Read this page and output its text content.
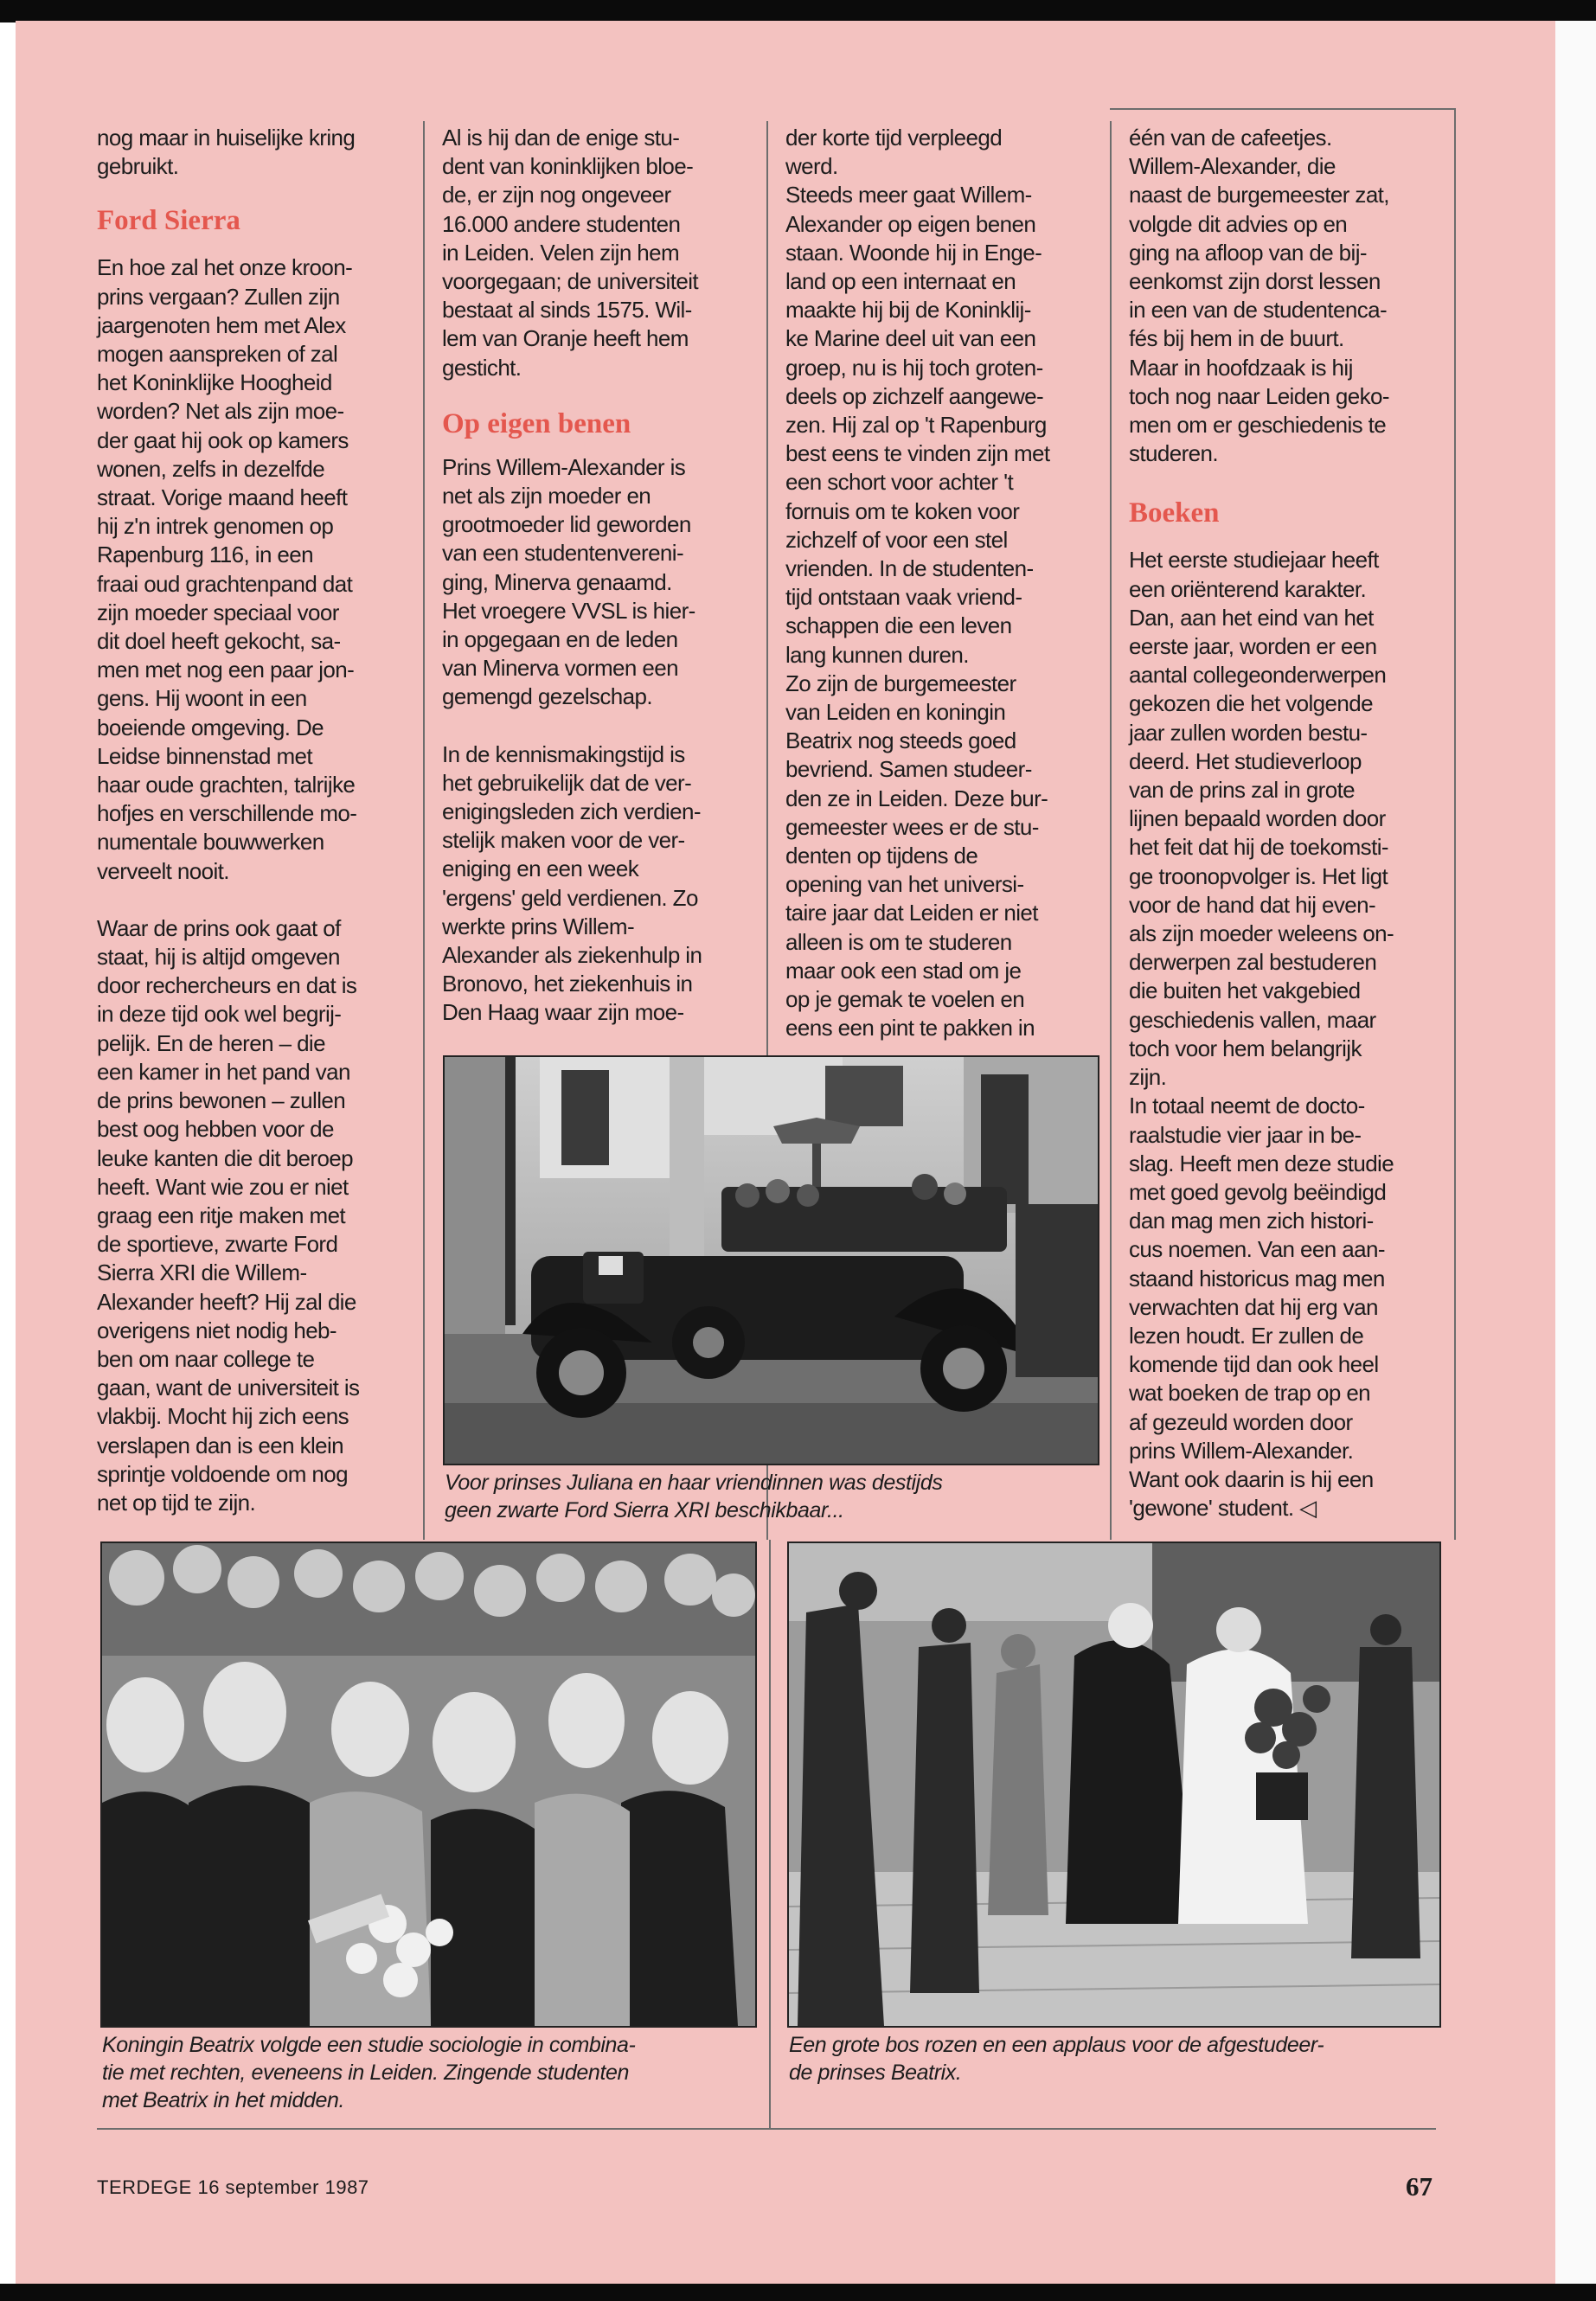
nog maar in huiselijke kring
gebruikt.

Ford Sierra

En hoe zal het onze kroon-
prins vergaan? Zullen zijn
jaargenoten hem met Alex
mogen aanspreken of zal
het Koninklijke Hoogheid
worden? Net als zijn moe-
der gaat hij ook op kamers
wonen, zelfs in dezelfde
straat. Vorige maand heeft
hij z'n intrek genomen op
Rapenburg 116, in een
fraai oud grachtenpand dat
zijn moeder speciaal voor
dit doel heeft gekocht, sa-
men met nog een paar jon-
gens. Hij woont in een
boeiende omgeving. De
Leidse binnenstad met
haar oude grachten, talrijke
hofjes en verschillende mo-
numentale bouwwerken
verveelt nooit.

Waar de prins ook gaat of
staat, hij is altijd omgeven
door rechercheurs en dat is
in deze tijd ook wel begrij-
pelijk. En de heren – die
een kamer in het pand van
de prins bewonen – zullen
best oog hebben voor de
leuke kanten die dit beroep
heeft. Want wie zou er niet
graag een ritje maken met
de sportieve, zwarte Ford
Sierra XRI die Willem-
Alexander heeft? Hij zal die
overigens niet nodig heb-
ben om naar college te
gaan, want de universiteit is
vlakbij. Mocht hij zich eens
verslapen dan is een klein
sprintje voldoende om nog
net op tijd te zijn.

Al is hij dan de enige stu-
dent van koninklijken bloe-
de, er zijn nog ongeveer
16.000 andere studenten
in Leiden. Velen zijn hem
voorgegaan; de universiteit
bestaat al sinds 1575. Wil-
lem van Oranje heeft hem
gesticht.

Op eigen benen

Prins Willem-Alexander is
net als zijn moeder en
grootmoeder lid geworden
van een studentenvereni-
ging, Minerva genaamd.
Het vroegere VVSL is hier-
in opgegaan en de leden
van Minerva vormen een
gemengd gezelschap.

In de kennismakingstijd is
het gebruikelijk dat de ver-
enigingsleden zich verdien-
stelijk maken voor de ver-
eniging en een week
'ergens' geld verdienen. Zo
werkte prins Willem-
Alexander als ziekenhulp in
Bronovo, het ziekenhuis in
Den Haag waar zijn moe-

der korte tijd verpleegd
werd.
Steeds meer gaat Willem-
Alexander op eigen benen
staan. Woonde hij in Enge-
land op een internaat en
maakte hij bij de Koninklij-
ke Marine deel uit van een
groep, nu is hij toch groten-
deels op zichzelf aangewe-
zen. Hij zal op 't Rapenburg
best eens te vinden zijn met
een schort voor achter 't
fornuis om te koken voor
zichzelf of voor een stel
vrienden. In de studenten-
tijd ontstaan vaak vriend-
schappen die een leven
lang kunnen duren.
Zo zijn de burgemeester
van Leiden en koningin
Beatrix nog steeds goed
bevriend. Samen studeer-
den ze in Leiden. Deze bur-
gemeester wees er de stu-
denten op tijdens de
opening van het universi-
taire jaar dat Leiden er niet
alleen is om te studeren
maar ook een stad om je
op je gemak te voelen en
eens een pint te pakken in

één van de cafeetjes.
Willem-Alexander, die
naast de burgemeester zat,
volgde dit advies op en
ging na afloop van de bij-
eenkomst zijn dorst lessen
in een van de studentenca-
fés bij hem in de buurt.
Maar in hoofdzaak is hij
toch nog naar Leiden geko-
men om er geschiedenis te
studeren.

Boeken

Het eerste studiejaar heeft
een oriënterend karakter.
Dan, aan het eind van het
eerste jaar, worden er een
aantal collegeonderwerpen
gekozen die het volgende
jaar zullen worden bestu-
deerd. Het studieverloop
van de prins zal in grote
lijnen bepaald worden door
het feit dat hij de toekomsti-
ge troonopvolger is. Het ligt
voor de hand dat hij even-
als zijn moeder weleens on-
derwerpen zal bestuderen
die buiten het vakgebied
geschiedenis vallen, maar
toch voor hem belangrijk
zijn.
In totaal neemt de docto-
raalstudie vier jaar in be-
slag. Heeft men deze studie
met goed gevolg beëindigd
dan mag men zich histori-
cus noemen. Van een aan-
staand historicus mag men
verwachten dat hij erg van
lezen houdt. Er zullen de
komende tijd dan ook heel
wat boeken de trap op en
af gezeuld worden door
prins Willem-Alexander.
Want ook daarin is hij een
'gewone' student. ◁

Voor prinses Juliana en haar vriendinnen was destijds
geen zwarte Ford Sierra XRI beschikbaar...
Koningin Beatrix volgde een studie sociologie in combina-
tie met rechten, eveneens in Leiden. Zingende studenten
met Beatrix in het midden.
Een grote bos rozen en een applaus voor de afgestudeer-
de prinses Beatrix.
TERDEGE 16 september 1987	67
